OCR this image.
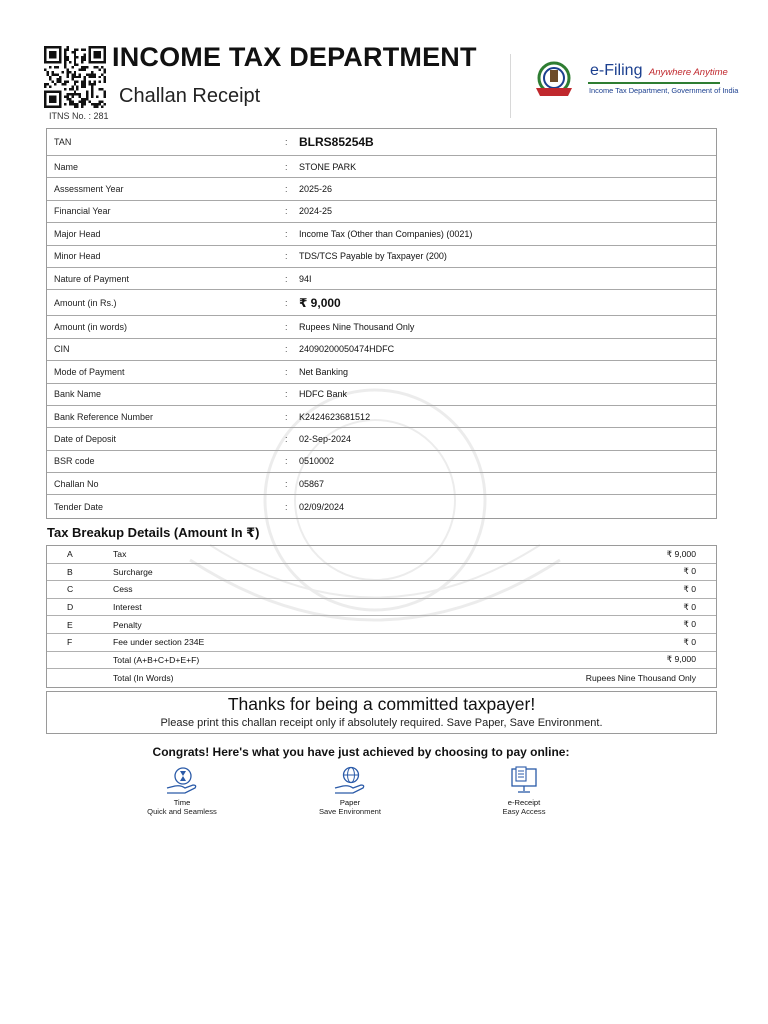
INCOME TAX DEPARTMENT
Challan Receipt
ITNS No. : 281
e-Filing Anywhere Anytime
Income Tax Department, Government of India
TAN	: BLRS85254B
Name	:	STONE PARK
Assessment Year	:	2025-26
Financial Year	:	2024-25
Major Head	:	Income Tax (Other than Companies) (0021)
Minor Head	:	TDS/TCS Payable by Taxpayer (200)
Nature of Payment	:	94I
Amount (in Rs.)	: ₹ 9,000
Amount (in words)	:	Rupees Nine Thousand Only
CIN	:	24090200050474HDFC
Mode of Payment	:	Net Banking
Bank Name	:	HDFC Bank
Bank Reference Number	:	K2424623681512
Date of Deposit	:	02-Sep-2024
BSR code	:	0510002
Challan No	:	05867
Tender Date	:	02/09/2024
Tax Breakup Details (Amount In ₹)
A	Tax	₹ 9,000
B	Surcharge	₹ 0
C	Cess	₹ 0
D	Interest	₹ 0
E	Penalty	₹ 0
F	Fee under section 234E	₹ 0
Total (A+B+C+D+E+F)	₹ 9,000
Total (In Words)	Rupees Nine Thousand Only
Thanks for being a committed taxpayer!
Please print this challan receipt only if absolutely required. Save Paper, Save Environment.
Congrats! Here's what you have just achieved by choosing to pay online:
Time
Quick and Seamless
Paper
Save Environment
e-Receipt
Easy Access
